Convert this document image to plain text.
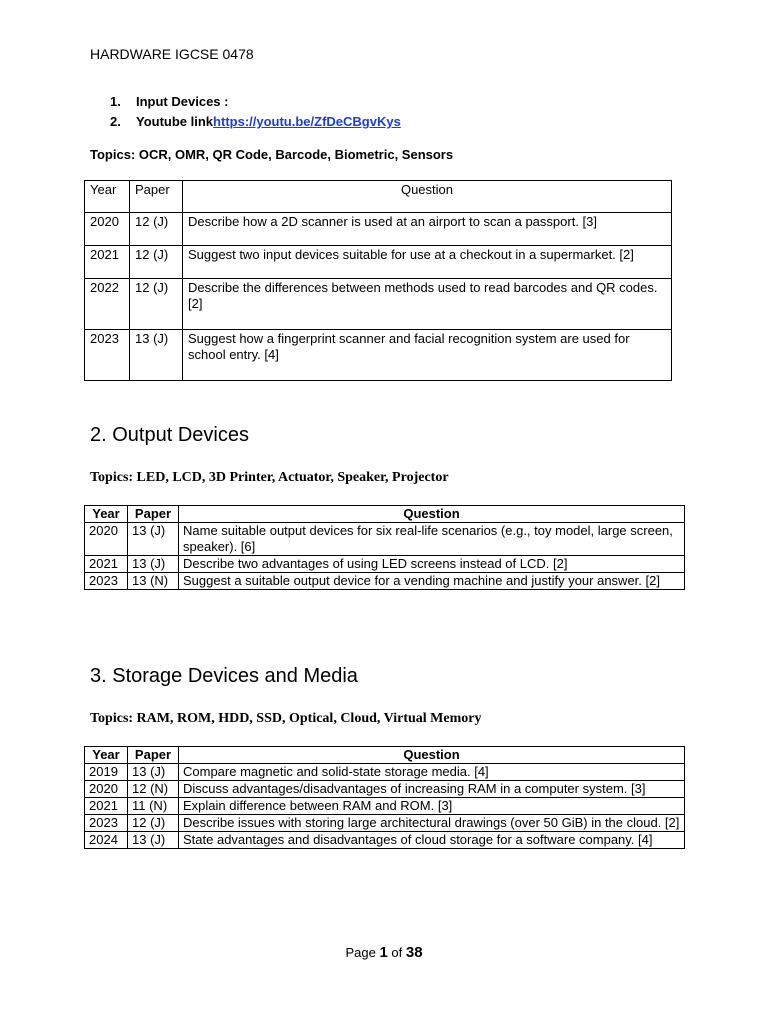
HARDWARE IGCSE 0478
1.	Input Devices :
2.	Youtube link https://youtu.be/ZfDeCBgvKys
Topics: OCR, OMR, QR Code, Barcode, Biometric, Sensors
Year	Paper	Question
2020	12 (J)	Describe how a 2D scanner is used at an airport to scan a passport. [3]
2021	12 (J)	Suggest two input devices suitable for use at a checkout in a supermarket. [2]
2022	12 (J)	Describe the differences between methods used to read barcodes and QR codes. [2]
2023	13 (J)	Suggest how a fingerprint scanner and facial recognition system are used for school entry. [4]
2. Output Devices
Topics: LED, LCD, 3D Printer, Actuator, Speaker, Projector
Year	Paper	Question
2020	13 (J)	Name suitable output devices for six real-life scenarios (e.g., toy model, large screen, speaker). [6]
2021	13 (J)	Describe two advantages of using LED screens instead of LCD. [2]
2023	13 (N)	Suggest a suitable output device for a vending machine and justify your answer. [2]
3. Storage Devices and Media
Topics: RAM, ROM, HDD, SSD, Optical, Cloud, Virtual Memory
Year	Paper	Question
2019	13 (J)	Compare magnetic and solid-state storage media. [4]
2020	12 (N)	Discuss advantages/disadvantages of increasing RAM in a computer system. [3]
2021	11 (N)	Explain difference between RAM and ROM. [3]
2023	12 (J)	Describe issues with storing large architectural drawings (over 50 GiB) in the cloud. [2]
2024	13 (J)	State advantages and disadvantages of cloud storage for a software company. [4]
Page 1 of 38
